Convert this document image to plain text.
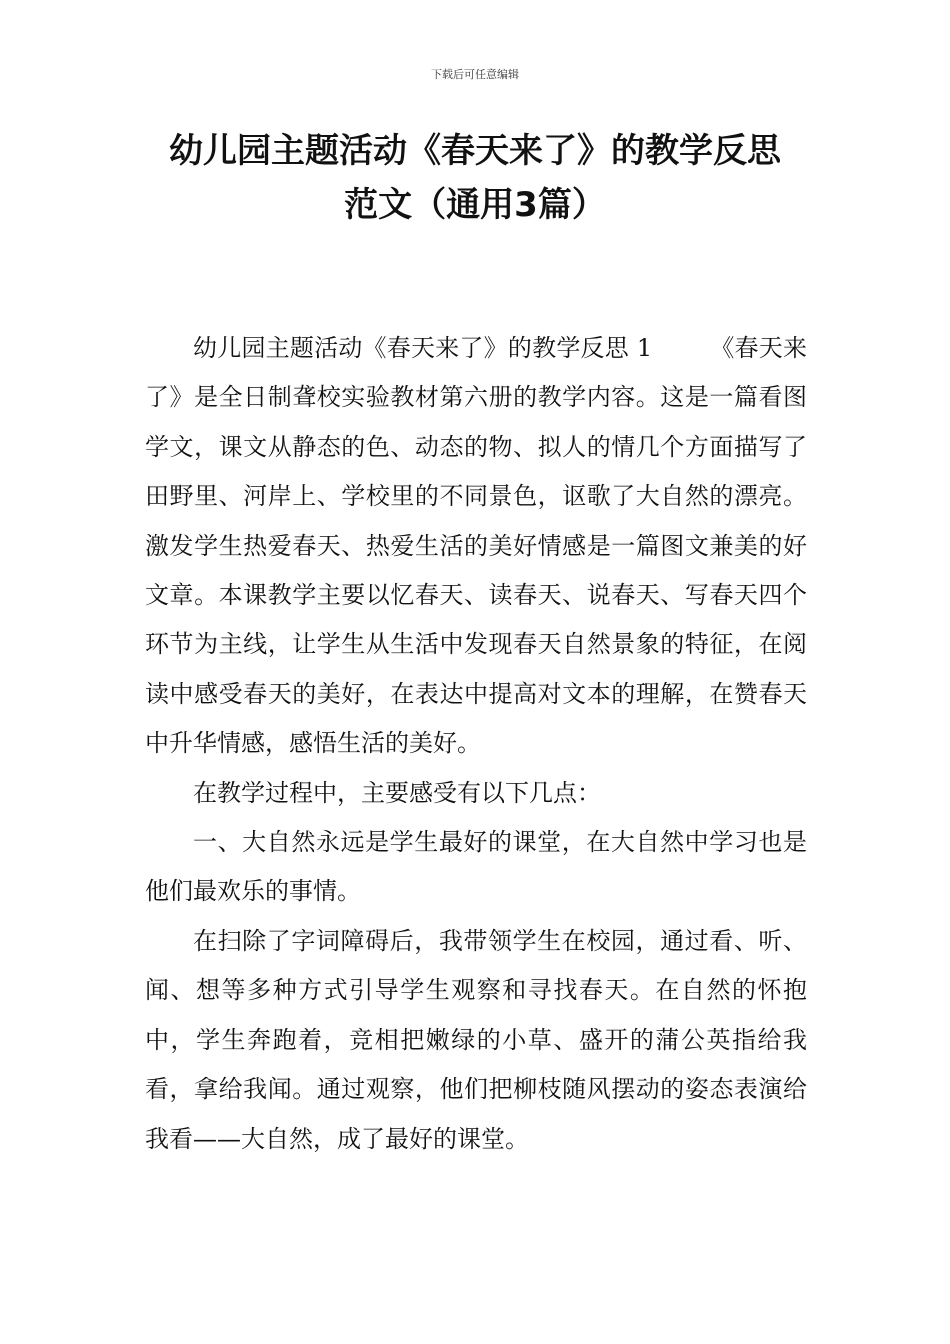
下载后可任意编辑
幼儿园主题活动《春天来了》的教学反思
范文（通用3篇）

幼儿园主题活动《春天来了》的教学反思 1 《春天来了》是全日制聋校实验教材第六册的教学内容。这是一篇看图学文，课文从静态的色、动态的物、拟人的情几个方面描写了田野里、河岸上、学校里的不同景色，讴歌了大自然的漂亮。激发学生热爱春天、热爱生活的美好情感是一篇图文兼美的好文章。本课教学主要以忆春天、读春天、说春天、写春天四个环节为主线，让学生从生活中发现春天自然景象的特征，在阅读中感受春天的美好，在表达中提高对文本的理解，在赞春天中升华情感，感悟生活的美好。

在教学过程中，主要感受有以下几点：

一、大自然永远是学生最好的课堂，在大自然中学习也是他们最欢乐的事情。

在扫除了字词障碍后，我带领学生在校园，通过看、听、闻、想等多种方式引导学生观察和寻找春天。在自然的怀抱中，学生奔跑着，竞相把嫩绿的小草、盛开的蒲公英指给我看，拿给我闻。通过观察，他们把柳枝随风摆动的姿态表演给我看——大自然，成了最好的课堂。
